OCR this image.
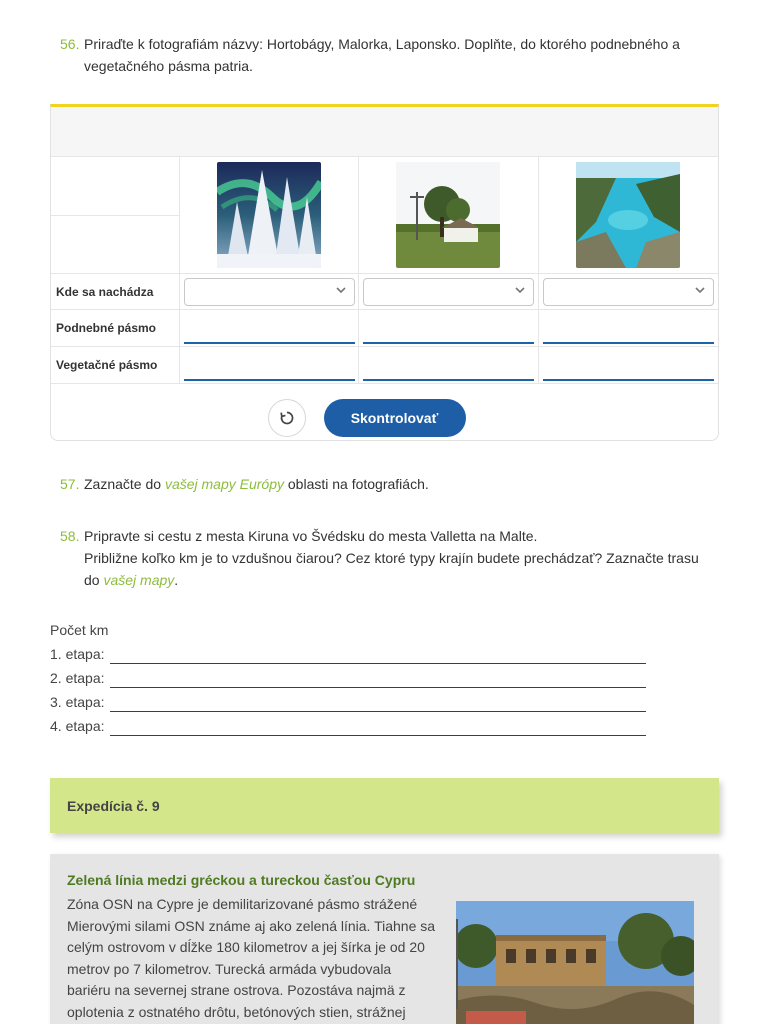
56. Priraďte k fotografiám názvy: Hortobágy, Malorka, Laponsko. Doplňte, do ktorého podnebného a
vegetačného pásma patria.
Kde sa nachádza
Podnebné pásmo
Vegetačné pásmo
Skontrolovať
57. Zaznačte do vašej mapy Európy oblasti na fotografiách.
58. Pripravte si cestu z mesta Kiruna vo Švédsku do mesta Valletta na Malte.
Približne koľko km je to vzdušnou čiarou? Cez ktoré typy krajín budete prechádzať? Zaznačte trasu
do vašej mapy.
Počet km
1. etapa:
2. etapa:
3. etapa:
4. etapa:
Expedícia č. 9
Zelená línia medzi gréckou a tureckou časťou Cypru
Zóna OSN na Cypre je demilitarizované pásmo strážené
Mierovými silami OSN známe aj ako zelená línia. Tiahne sa
celým ostrovom v dĺžke 180 kilometrov a jej šírka je od 20
metrov po 7 kilometrov. Turecká armáda vybudovala
bariéru na severnej strane ostrova. Pozostáva najmä z
oplotenia z ostnatého drôtu, betónových stien, strážnej
